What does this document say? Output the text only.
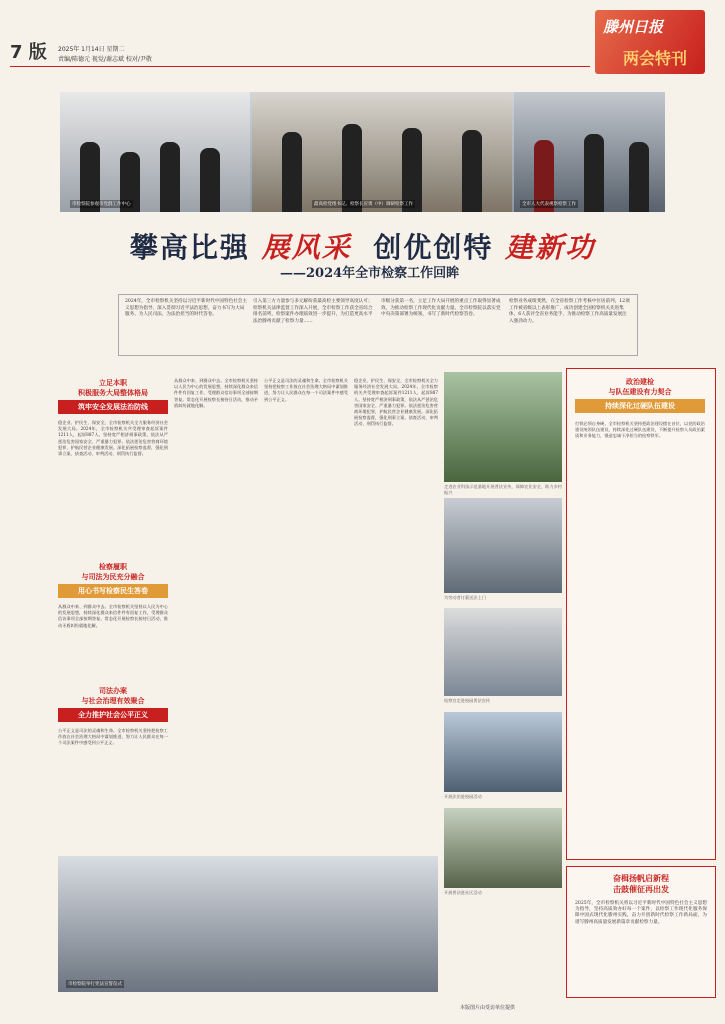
7 版 2025年 1月14日 星期二
责编/陈德元 视觉/谢志斌 校对/尹敬
滕州日报
两会特刊
市检察院参观市党群工作中心	最高检党组书记、检察长应勇（中）调研检察工作	全市人大代表视察检察工作
攀高比强 展风采 创优创特 建新功
——2024年全市检察工作回眸
2024年，全市检察机关坚持以习近平新时代中国特色社会主义思想为指导，深入贯彻习近平法治思想，奋力书写为大局服务、为人民司法、为法治担当的时代答卷。
引入第三方力量参与多元解纷获最高检主要领导高度认可；检察机关法律监督工作深入开展，全市检察工作获全省综合排名前列，检察案件办理质效进一步提升，为打造更高水平法治滕州贡献了检察力量……
市级分获第一名，立足工作大局开展的重点工作取得显著成效，为推动检察工作现代化贡献力量。全市检察院以落实党中央决策部署为统领，书写了新时代检察答卷。
检察业务成绩斐然，在全省检察工作考核中位居前列，12项工作被省级以上表彰推广，成功创建全国检察机关先进集体，6人获评全省业务能手，为推动检察工作高质量发展注入强劲动力。
立足本职
积极服务大局整体格局
筑牢安全发展法治防线
稳企业、护民生、保安全，全市检察机关全力服务经济社会发展大局。2024年，全市检察机关共受理审查起诉案件1211人，起诉887人。坚持宽严相济刑事政策，依法从严惩治危害国家安全、严重暴力犯罪。依法惩治危害营商环境犯罪，护航民营企业健康发展。深化拓展检察监督，强化刑事立案、侦查活动、审判活动、刑罚执行监督。
检察履职
与司法为民充分融合
用心书写检察民生答卷
从群众中来、到群众中去。全市检察机关坚持以人民为中心的发展思想，持续深化群众来信件件有回复工作，受理群众信访事项全部按期答复。常态化开展检察长接待日活动，推动矛盾纠纷就地化解。
司法办案
与社会治理有效聚合
全力推护社会公平正义
公平正义是司法的灵魂和生命。全市检察机关坚持把检察工作放在社会治理大格局中谋划推进，努力让人民群众在每一个司法案件中感受到公平正义。
从群众中来、到群众中去。全市检察机关坚持以人民为中心的发展思想，持续深化群众来信件件有回复工作，受理群众信访事项全部按期答复。常态化开展检察长接待日活动，推动矛盾纠纷就地化解。
公平正义是司法的灵魂和生命。全市检察机关坚持把检察工作放在社会治理大格局中谋划推进，努力让人民群众在每一个司法案件中感受到公平正义。
稳企业、护民生、保安全，全市检察机关全力服务经济社会发展大局。2024年，全市检察机关共受理审查起诉案件1211人，起诉887人。坚持宽严相济刑事政策，依法从严惩治危害国家安全、严重暴力犯罪。依法惩治危害营商环境犯罪，护航民营企业健康发展。深化拓展检察监督，强化刑事立案、侦查活动、审判活动、刑罚执行监督。
走进农业科技示范基地开展普法宣传，保障农业安全，助力乡村振兴
为劳动者讨薪送法上门
检察官走进校园普法宣传
开展法治进校园活动
开展普法进社区活动
市检察院举行宪法宣誓仪式
政治建检
与队伍建设有力契合
持续深化过硬队伍建设
打铁必须自身硬。全市检察机关坚持把政治建设摆在首位，以党的政治建设统领队伍建设，持续深化过硬队伍建设，不断提升检察人员政治素质和业务能力，锻造忠诚干净担当的检察铁军。
奋楫扬帆启新程
击鼓催征再出发
2025年，全市检察机关将以习近平新时代中国特色社会主义思想为指导，坚持高质效办好每一个案件，以检察工作现代化服务保障中国式现代化滕州实践，奋力开创新时代检察工作新局面，为谱写滕州高质量发展新篇章贡献检察力量。
本版图片由受访单位提供
